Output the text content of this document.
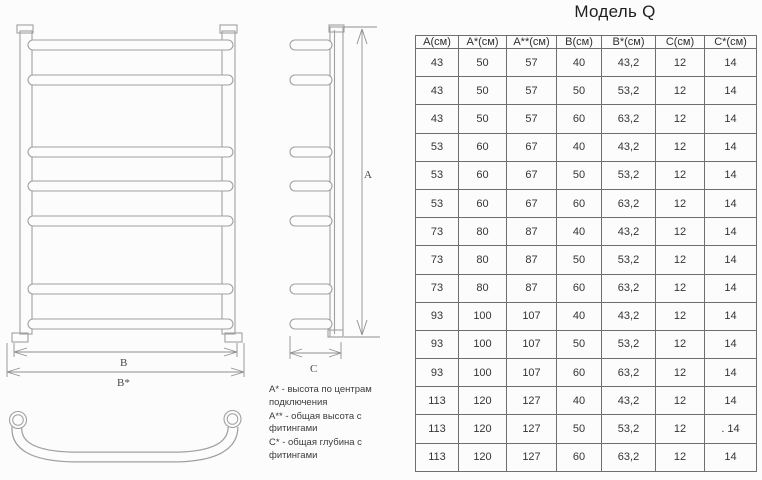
B
B*
A
C
А* - высота по центрам подключения
А** - общая высота с фитингами
С* - общая глубина с фитингами
Модель Q
А(см)	А*(см)	А**(см)	В(см)	В*(см)	С(см)	С*(см)
43	50	57	40	43,2	12	14
43	50	57	50	53,2	12	14
43	50	57	60	63,2	12	14
53	60	67	40	43,2	12	14
53	60	67	50	53,2	12	14
53	60	67	60	63,2	12	14
73	80	87	40	43,2	12	14
73	80	87	50	53,2	12	14
73	80	87	60	63,2	12	14
93	100	107	40	43,2	12	14
93	100	107	50	53,2	12	14
93	100	107	60	63,2	12	14
113	120	127	40	43,2	12	14
113	120	127	50	53,2	12	. 14
113	120	127	60	63,2	12	14
